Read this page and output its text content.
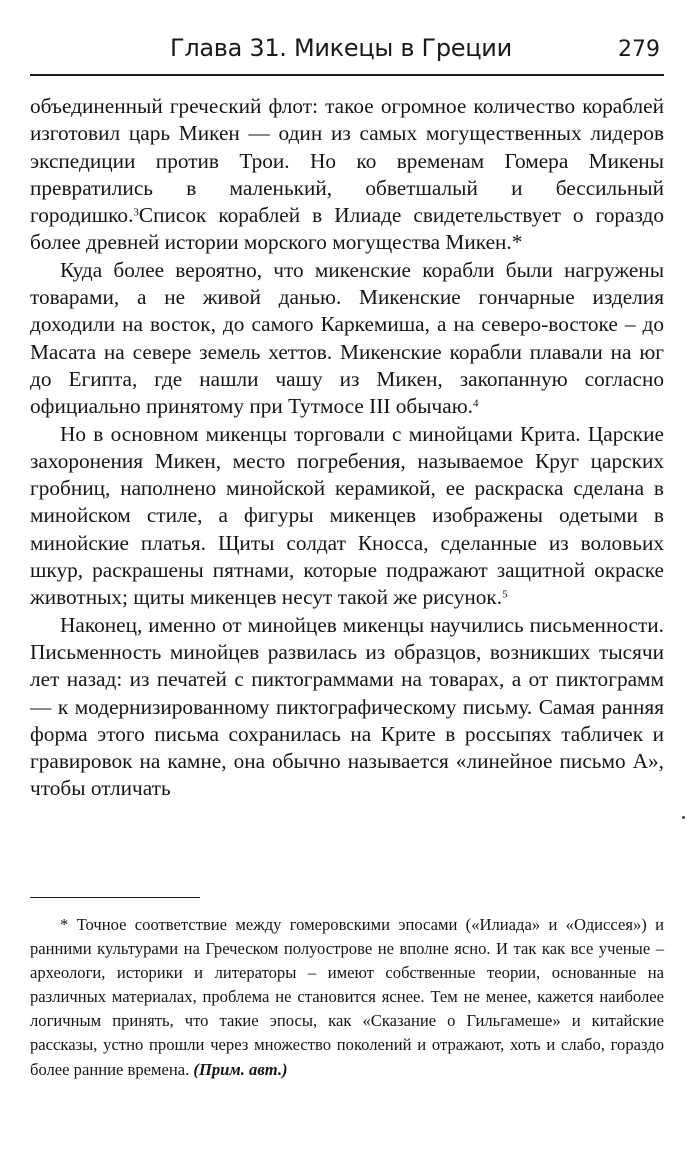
Глава 31. Микецы в Греции	279

объединенный греческий флот: такое огромное количество кораблей изготовил царь Микен — один из самых могущественных лидеров экспедиции против Трои. Но ко временам Гомера Микены превратились в маленький, обветшалый и бессильный городишко.$^3$Список кораблей в Илиаде свидетельствует о гораздо более древней истории морского могущества Микен.*

Куда более вероятно, что микенские корабли были нагружены товарами, а не живой данью. Микенские гончарные изделия доходили на восток, до самого Каркемиша, а на северо-востоке – до Масата на севере земель хеттов. Микенские корабли плавали на юг до Египта, где нашли чашу из Микен, закопанную согласно официально принятому при Тутмосе III обычаю.$^4$

Но в основном микенцы торговали с минойцами Крита. Царские захоронения Микен, место погребения, называемое Круг царских гробниц, наполнено минойской керамикой, ее раскраска сделана в минойском стиле, а фигуры микенцев изображены одетыми в минойские платья. Щиты солдат Кносса, сделанные из воловьих шкур, раскрашены пятнами, которые подражают защитной окраске животных; щиты микенцев несут такой же рисунок.$^5$

Наконец, именно от минойцев микенцы научились письменности. Письменность минойцев развилась из образцов, возникших тысячи лет назад: из печатей с пиктограммами на товарах, а от пиктограмм — к модернизированному пиктографическому письму. Самая ранняя форма этого письма сохранилась на Крите в россыпях табличек и гравировок на камне, она обычно называется «линейное письмо А», чтобы отличать

* Точное соответствие между гомеровскими эпосами («Илиада» и «Одиссея») и ранними культурами на Греческом полуострове не вполне ясно. И так как все ученые – археологи, историки и литераторы – имеют собственные теории, основанные на различных материалах, проблема не становится яснее. Тем не менее, кажется наиболее логичным принять, что такие эпосы, как «Сказание о Гильгамеше» и китайские рассказы, устно прошли через множество поколений и отражают, хоть и слабо, гораздо более ранние времена. (Прим. авт.)
